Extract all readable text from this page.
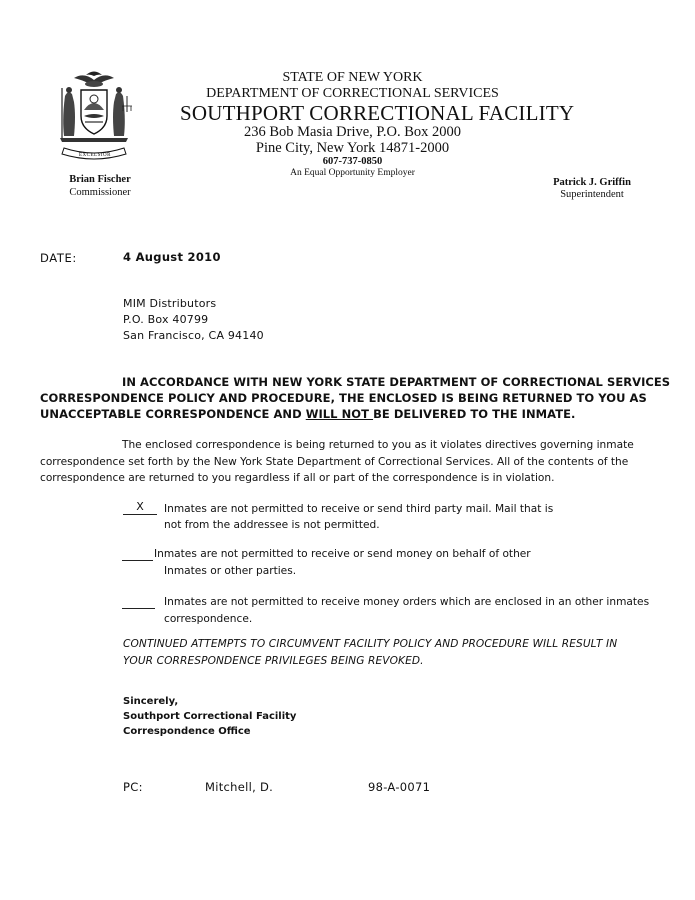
EXCELSIOR
STATE OF NEW YORK
DEPARTMENT OF CORRECTIONAL SERVICES
SOUTHPORT CORRECTIONAL FACILITY
236 Bob Masia Drive, P.O. Box 2000
Pine City, New York 14871-2000
607-737-0850
An Equal Opportunity Employer
Brian Fischer
Commissioner
Patrick J. Griffin
Superintendent
DATE:	4 August 2010
MIM Distributors
P.O. Box 40799
San Francisco, CA 94140
IN ACCORDANCE WITH NEW YORK STATE DEPARTMENT OF CORRECTIONAL SERVICES
CORRESPONDENCE POLICY AND PROCEDURE, THE ENCLOSED IS BEING RETURNED TO YOU AS
UNACCEPTABLE CORRESPONDENCE AND WILL NOT BE DELIVERED TO THE INMATE.
The enclosed correspondence is being returned to you as it violates directives governing inmate
correspondence set forth by the New York State Department of Correctional Services. All of the contents of the
correspondence are returned to you regardless if all or part of the correspondence is in violation.
X	Inmates are not permitted to receive or send third party mail. Mail that is
not from the addressee is not permitted.
Inmates are not permitted to receive or send money on behalf of other
Inmates or other parties.
Inmates are not permitted to receive money orders which are enclosed in an other inmates
correspondence.
CONTINUED ATTEMPTS TO CIRCUMVENT FACILITY POLICY AND PROCEDURE WILL RESULT IN
YOUR CORRESPONDENCE PRIVILEGES BEING REVOKED.
Sincerely,
Southport Correctional Facility
Correspondence Office
PC:	Mitchell, D.	98-A-0071
